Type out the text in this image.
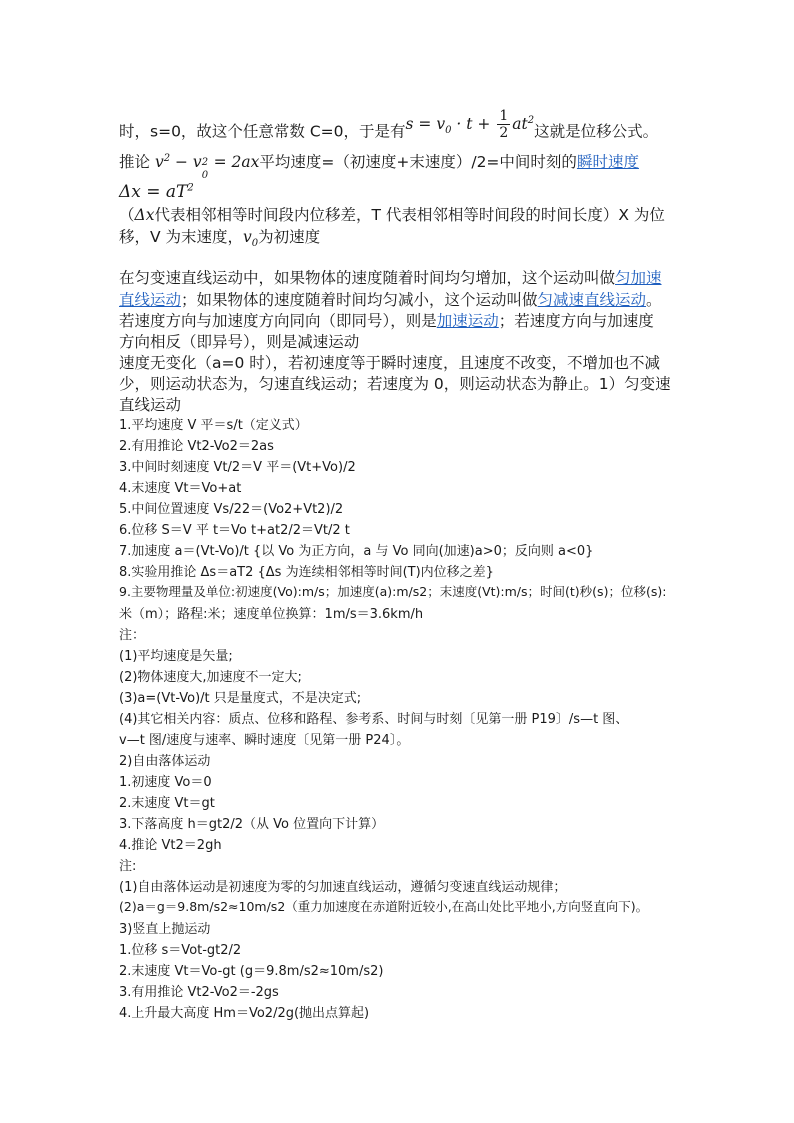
时，s=0，故这个任意常数 C=0，于是有$s = v_0 \cdot t + \frac{1}{2} at^2$这就是位移公式。
推论 $v^2 - v$ 2
0
= 2ax平均速度=（初速度+末速度）/2=中间时刻的瞬时速度
$\Delta x = aT^2$
（Δx代表相邻相等时间段内位移差，T 代表相邻相等时间段的时间长度）X 为位
移，V 为末速度，$v_0$为初速度
在匀变速直线运动中，如果物体的速度随着时间均匀增加，这个运动叫做匀加速
直线运动；如果物体的速度随着时间均匀减小，这个运动叫做匀减速直线运动。
若速度方向与加速度方向同向（即同号），则是加速运动；若速度方向与加速度
方向相反（即异号），则是减速运动
速度无变化（a=0 时），若初速度等于瞬时速度，且速度不改变，不增加也不减
少，则运动状态为，匀速直线运动；若速度为 0，则运动状态为静止。1）匀变速
直线运动
1.平均速度 V 平＝s/t（定义式）
2.有用推论 Vt2-Vo2＝2as
3.中间时刻速度 Vt/2＝V 平＝(Vt+Vo)/2
4.末速度 Vt＝Vo+at
5.中间位置速度 Vs/22＝(Vo2+Vt2)/2
6.位移 S＝V 平 t＝Vo t+at2/2＝Vt/2 t
7.加速度 a＝(Vt-Vo)/t {以 Vo 为正方向，a 与 Vo 同向(加速)a>0；反向则 a<0}
8.实验用推论 Δs＝aT2 {Δs 为连续相邻相等时间(T)内位移之差}
9.主要物理量及单位:初速度(Vo):m/s；加速度(a):m/s2；末速度(Vt):m/s；时间(t)秒(s)；位移(s):
米（m）；路程:米；速度单位换算：1m/s＝3.6km/h
注：
(1)平均速度是矢量;
(2)物体速度大,加速度不一定大;
(3)a=(Vt-Vo)/t 只是量度式，不是决定式;
(4)其它相关内容：质点、位移和路程、参考系、时间与时刻〔见第一册 P19〕/s—t 图、
v—t 图/速度与速率、瞬时速度〔见第一册 P24〕。
2)自由落体运动
1.初速度 Vo＝0
2.末速度 Vt＝gt
3.下落高度 h＝gt2/2（从 Vo 位置向下计算）
4.推论 Vt2＝2gh
注:
(1)自由落体运动是初速度为零的匀加速直线运动，遵循匀变速直线运动规律；
(2)a＝g＝9.8m/s2≈10m/s2（重力加速度在赤道附近较小,在高山处比平地小,方向竖直向下)。
3)竖直上抛运动
1.位移 s＝Vot-gt2/2
2.末速度 Vt＝Vo-gt (g＝9.8m/s2≈10m/s2)
3.有用推论 Vt2-Vo2＝-2gs
4.上升最大高度 Hm＝Vo2/2g(抛出点算起)
